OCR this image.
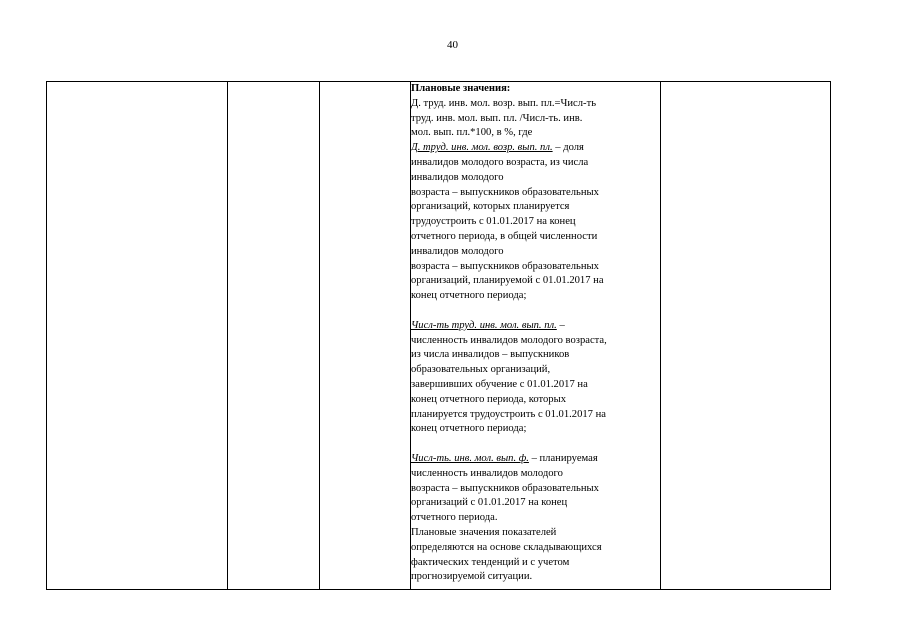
40

Плановые значения:

Д. труд. инв. мол. возр. вып. пл.=Числ-ть

труд. инв. мол. вып. пл. /Числ-ть. инв.

мол. вып. пл.*100, в %, где

Д. труд. инв. мол. возр. вып. пл. – доля

инвалидов молодого возраста, из числа

инвалидов молодого

возраста – выпускников образовательных

организаций, которых планируется

трудоустроить с 01.01.2017 на конец

отчетного периода, в общей численности

инвалидов молодого

возраста – выпускников образовательных

организаций, планируемой с 01.01.2017 на

конец отчетного периода;

Числ-ть труд. инв. мол. вып. пл. –

численность инвалидов молодого возраста,

из числа инвалидов – выпускников

образовательных организаций,

завершивших обучение с 01.01.2017 на

конец отчетного периода, которых

планируется трудоустроить с 01.01.2017 на

конец отчетного периода;

Числ-ть. инв. мол. вып. ф. – планируемая

численность инвалидов молодого

возраста – выпускников образовательных

организаций с 01.01.2017 на конец

отчетного периода.

Плановые значения показателей

определяются на основе складывающихся

фактических тенденций и с учетом

прогнозируемой ситуации.
